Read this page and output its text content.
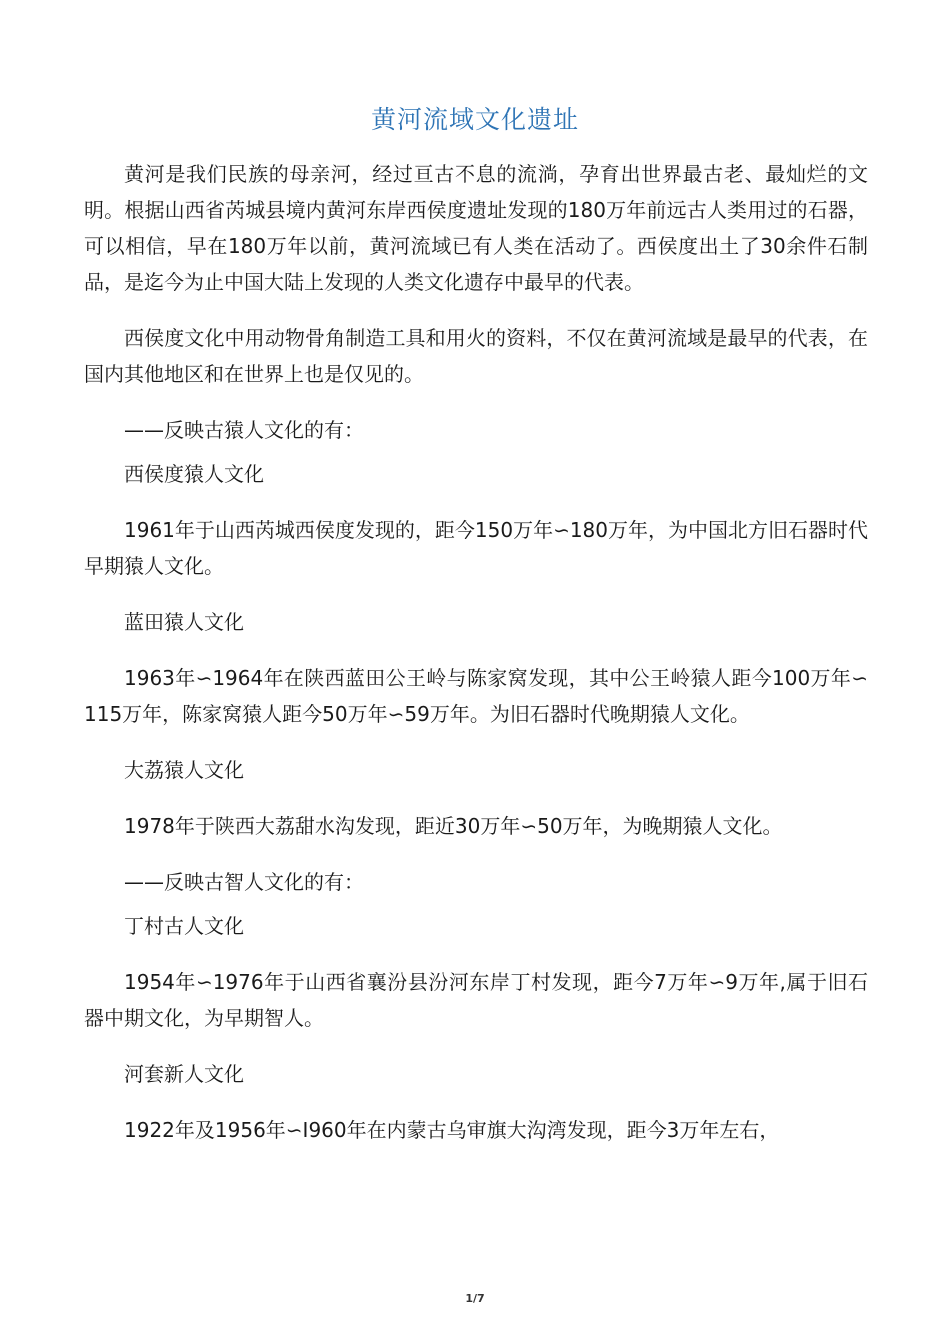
黄河流域文化遗址

黄河是我们民族的母亲河，经过亘古不息的流淌，孕育出世界最古老、最灿烂的文明。根据山西省芮城县境内黄河东岸西侯度遗址发现的180万年前远古人类用过的石器，可以相信，早在180万年以前，黄河流域已有人类在活动了。西侯度出土了30余件石制品，是迄今为止中国大陆上发现的人类文化遗存中最早的代表。

西侯度文化中用动物骨角制造工具和用火的资料，不仅在黄河流域是最早的代表，在国内其他地区和在世界上也是仅见的。

——反映古猿人文化的有：

西侯度猿人文化

1961年于山西芮城西侯度发现的，距今150万年∽180万年，为中国北方旧石器时代早期猿人文化。

蓝田猿人文化

1963年∽1964年在陕西蓝田公王岭与陈家窝发现，其中公王岭猿人距今100万年∽115万年，陈家窝猿人距今50万年∽59万年。为旧石器时代晚期猿人文化。

大荔猿人文化

1978年于陕西大荔甜水沟发现，距近30万年∽50万年，为晚期猿人文化。

——反映古智人文化的有：

丁村古人文化

1954年∽1976年于山西省襄汾县汾河东岸丁村发现，距今7万年∽9万年,属于旧石器中期文化，为早期智人。

河套新人文化

1922年及1956年∽I960年在内蒙古乌审旗大沟湾发现，距今3万年左右，

1/7
